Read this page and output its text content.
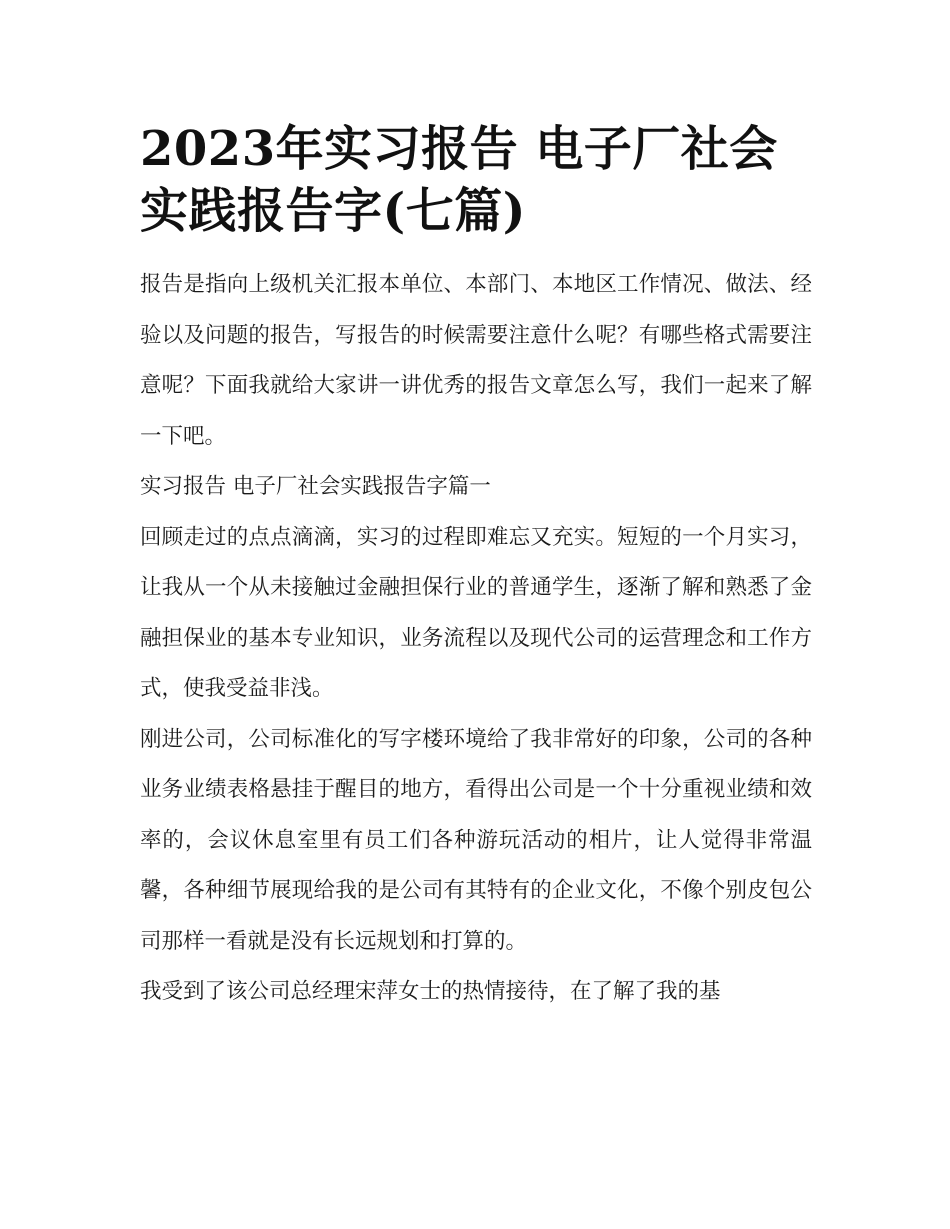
2023年实习报告 电子厂社会实践报告字(七篇)

报告是指向上级机关汇报本单位、本部门、本地区工作情况、做法、经验以及问题的报告，写报告的时候需要注意什么呢？有哪些格式需要注意呢？下面我就给大家讲一讲优秀的报告文章怎么写，我们一起来了解一下吧。

实习报告 电子厂社会实践报告字篇一

回顾走过的点点滴滴，实习的过程即难忘又充实。短短的一个月实习，让我从一个从未接触过金融担保行业的普通学生，逐渐了解和熟悉了金融担保业的基本专业知识，业务流程以及现代公司的运营理念和工作方式，使我受益非浅。

刚进公司，公司标准化的写字楼环境给了我非常好的印象，公司的各种业务业绩表格悬挂于醒目的地方，看得出公司是一个十分重视业绩和效率的，会议休息室里有员工们各种游玩活动的相片，让人觉得非常温馨，各种细节展现给我的是公司有其特有的企业文化，不像个别皮包公司那样一看就是没有长远规划和打算的。

我受到了该公司总经理宋萍女士的热情接待，在了解了我的基
